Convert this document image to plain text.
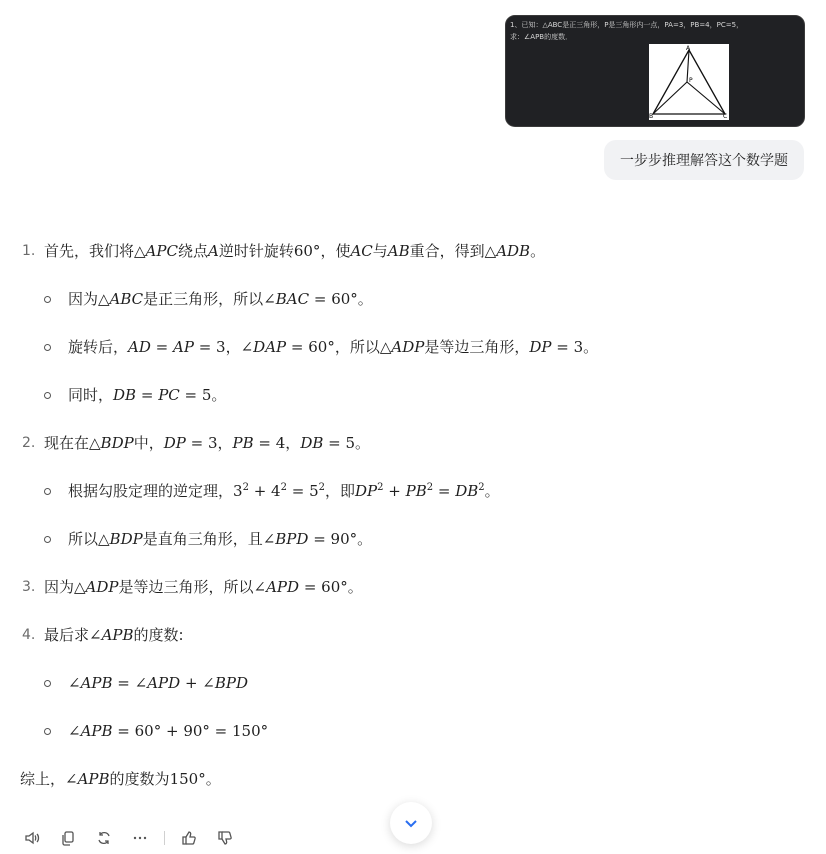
1、已知：△ABC是正三角形，P是三角形内一点，PA=3，PB=4，PC=5，
求：∠APB的度数．
A
B	C
P
一步步推理解答这个数学题
1. 首先，我们将△APC绕点A逆时针旋转60°，使AC与AB重合，得到△ADB。
因为△ABC是正三角形，所以∠BAC = 60°。
旋转后，AD = AP = 3，∠DAP = 60°，所以△ADP是等边三角形，DP = 3。
同时，DB = PC = 5。
2. 现在在△BDP中，DP = 3，PB = 4，DB = 5。
根据勾股定理的逆定理，$3^2 + 4^2 = 5^2$，即$DP^2 + PB^2 = DB^2$。
所以△BDP是直角三角形，且∠BPD = 90°。
3. 因为△ADP是等边三角形，所以∠APD = 60°。
4. 最后求∠APB的度数:
∠APB = ∠APD + ∠BPD
∠APB = 60° + 90° = 150°
综上，∠APB的度数为150°。
